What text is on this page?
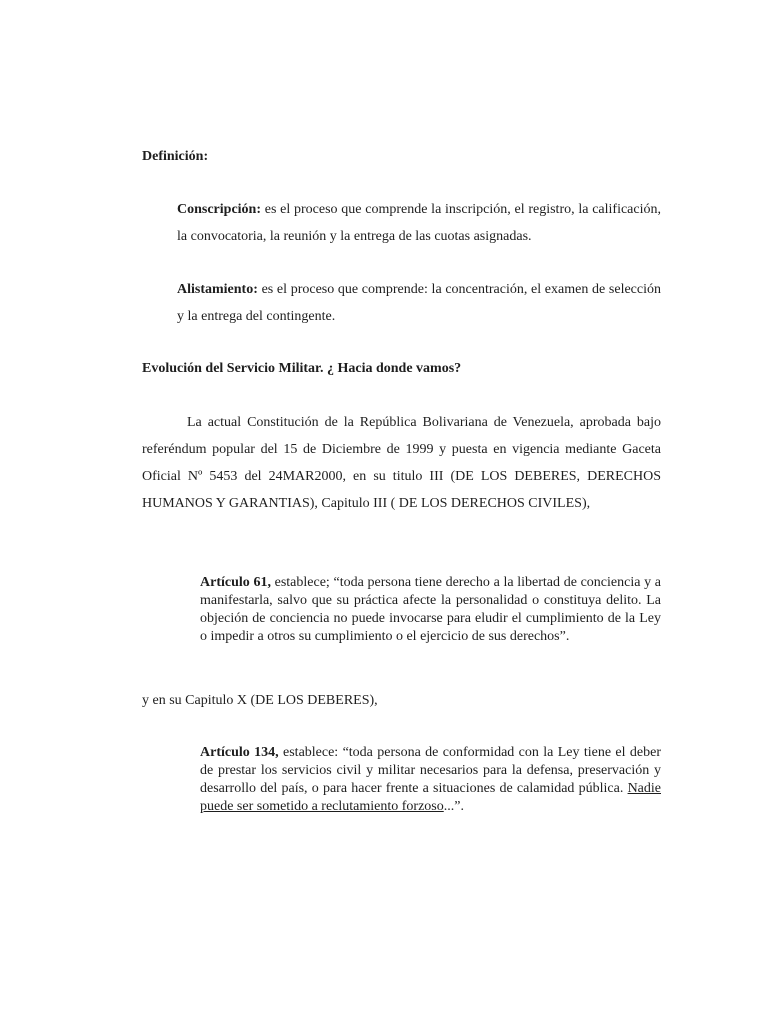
Definición:

Conscripción: es el proceso que comprende la inscripción, el registro, la calificación, la convocatoria, la reunión y la entrega de las cuotas asignadas.

Alistamiento: es el proceso que comprende: la concentración, el examen de selección y la entrega del contingente.

Evolución del Servicio Militar. ¿ Hacia donde vamos?

La actual Constitución de la República Bolivariana de Venezuela, aprobada bajo referéndum popular del 15 de Diciembre de 1999 y puesta en vigencia mediante Gaceta Oficial Nº 5453 del 24MAR2000, en su titulo III (DE LOS DEBERES, DERECHOS HUMANOS Y GARANTIAS), Capitulo III ( DE LOS DERECHOS CIVILES),

Artículo 61, establece; “toda persona tiene derecho a la libertad de conciencia y a manifestarla, salvo que su práctica afecte la personalidad o constituya delito. La objeción de conciencia no puede invocarse para eludir el cumplimiento de la Ley o impedir a otros su cumplimiento o el ejercicio de sus derechos”.

y en su Capitulo X (DE LOS DEBERES),

Artículo 134, establece: “toda persona de conformidad con la Ley tiene el deber de prestar los servicios civil y militar necesarios para la defensa, preservación y desarrollo del país, o para hacer frente a situaciones de calamidad pública. Nadie puede ser sometido a reclutamiento forzoso...”.
